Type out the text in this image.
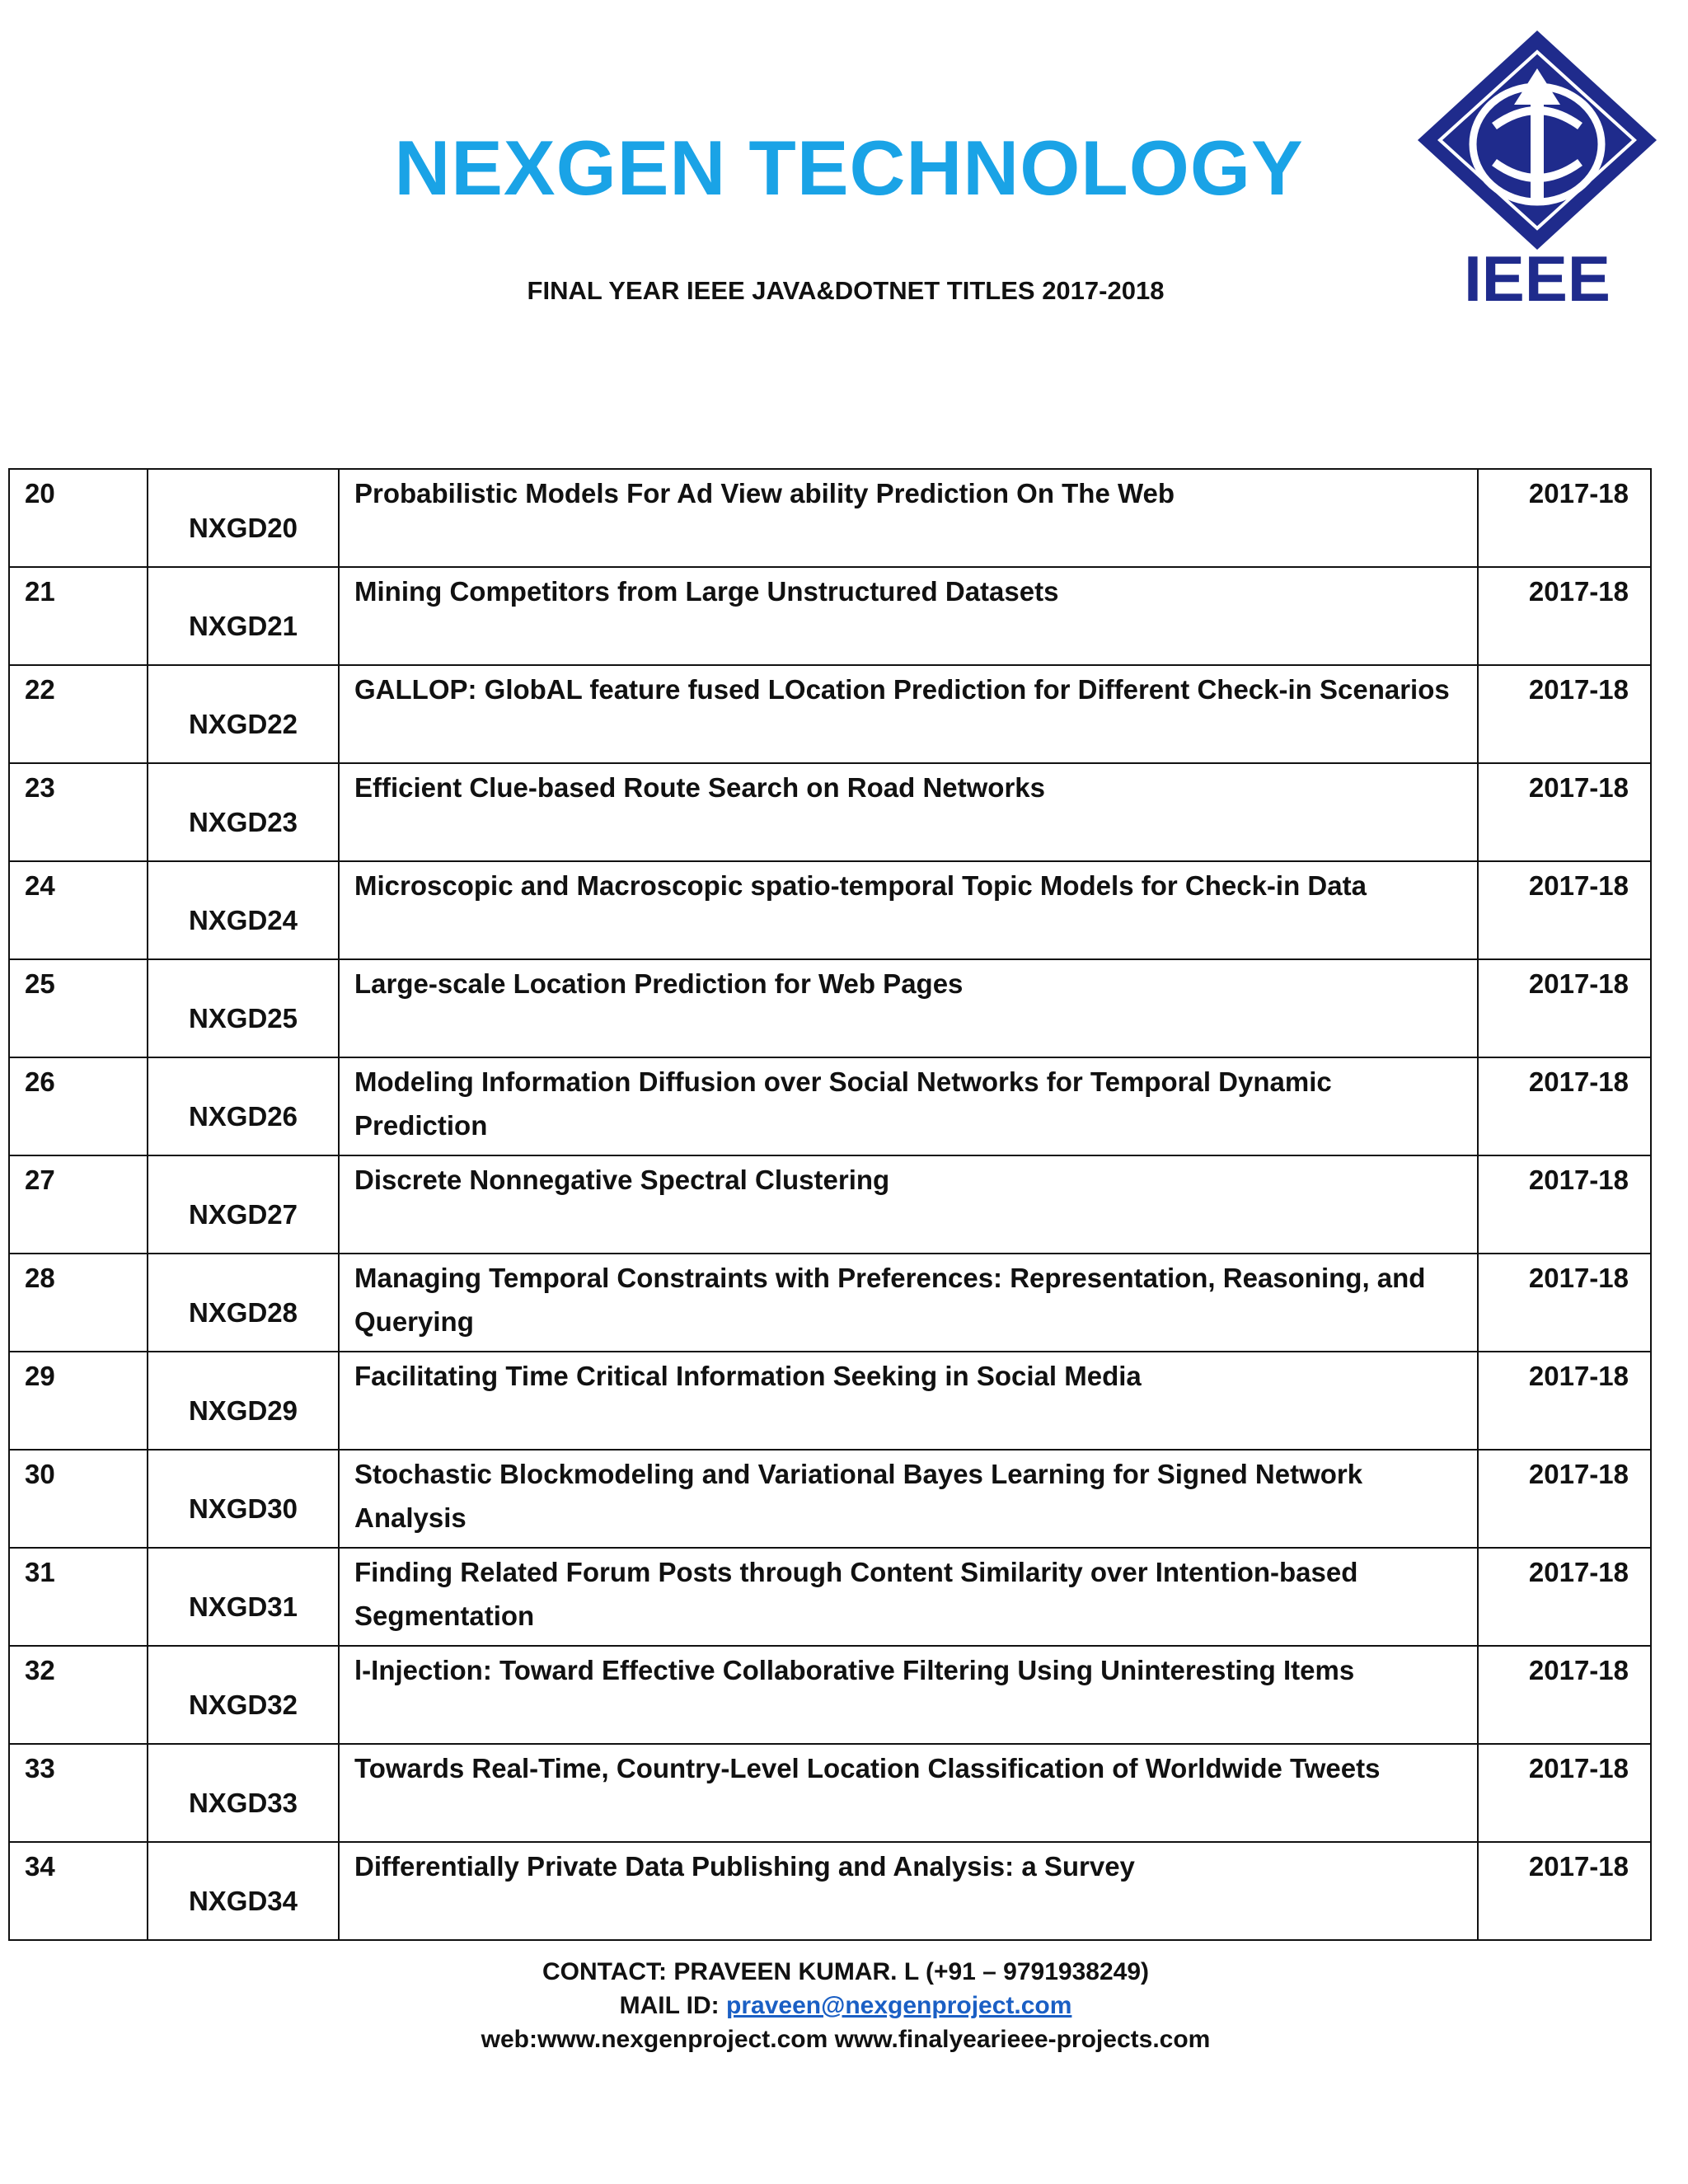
NEXGEN TECHNOLOGY
FINAL YEAR IEEE JAVA&DOTNET TITLES 2017-2018	IEEE
20	NXGD20	Probabilistic Models For Ad View ability Prediction On The Web	2017-18
21	NXGD21	Mining Competitors from Large Unstructured Datasets	2017-18
22	NXGD22	GALLOP: GlobAL feature fused LOcation Prediction for Different Check-in Scenarios	2017-18
23	NXGD23	Efficient Clue-based Route Search on Road Networks	2017-18
24	NXGD24	Microscopic and Macroscopic spatio-temporal Topic Models for Check-in Data	2017-18
25	NXGD25	Large-scale Location Prediction for Web Pages	2017-18
26	NXGD26	Modeling Information Diffusion over Social Networks for Temporal Dynamic Prediction	2017-18
27	NXGD27	Discrete Nonnegative Spectral Clustering	2017-18
28	NXGD28	Managing Temporal Constraints with Preferences: Representation, Reasoning, and Querying	2017-18
29	NXGD29	Facilitating Time Critical Information Seeking in Social Media	2017-18
30	NXGD30	Stochastic Blockmodeling and Variational Bayes Learning for Signed Network Analysis	2017-18
31	NXGD31	Finding Related Forum Posts through Content Similarity over Intention-based Segmentation	2017-18
32	NXGD32	l-Injection: Toward Effective Collaborative Filtering Using Uninteresting Items	2017-18
33	NXGD33	Towards Real-Time, Country-Level Location Classification of Worldwide Tweets	2017-18
34	NXGD34	Differentially Private Data Publishing and Analysis: a Survey	2017-18
CONTACT: PRAVEEN KUMAR. L (+91 – 9791938249)
MAIL ID: praveen@nexgenproject.com
web:www.nexgenproject.com www.finalyearieee-projects.com
